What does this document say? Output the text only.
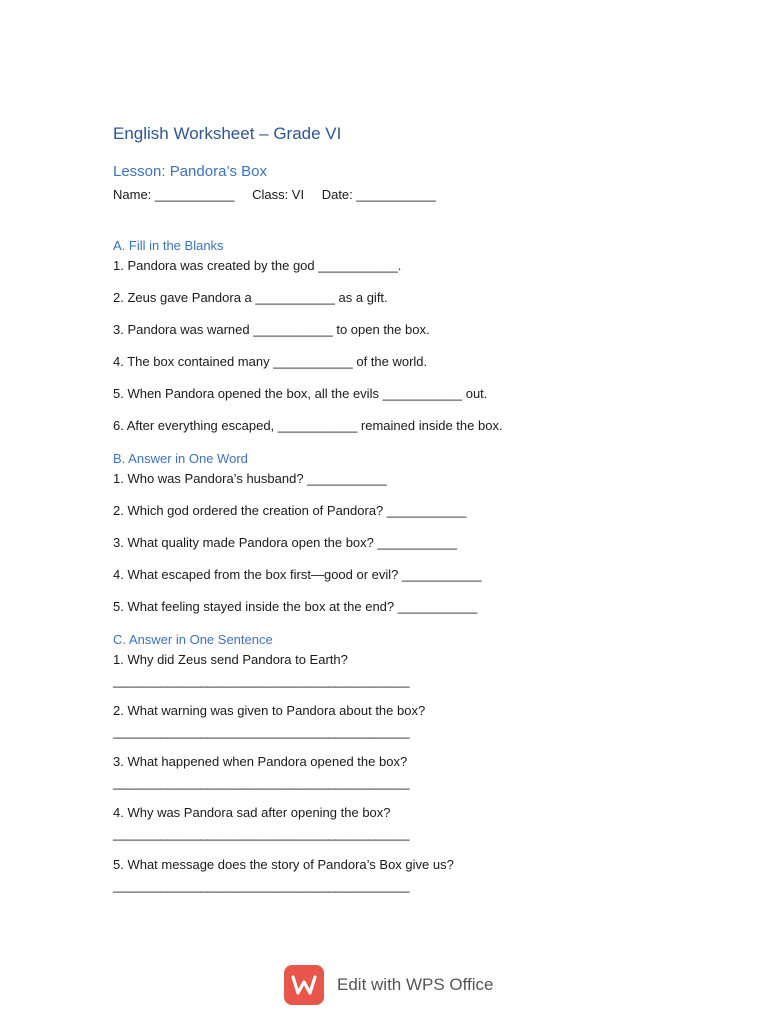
English Worksheet – Grade VI
Lesson: Pandora’s Box
Name: ___________ Class: VI Date: ___________
A. Fill in the Blanks
1. Pandora was created by the god ___________.
2. Zeus gave Pandora a ___________ as a gift.
3. Pandora was warned ___________ to open the box.
4. The box contained many ___________ of the world.
5. When Pandora opened the box, all the evils ___________ out.
6. After everything escaped, ___________ remained inside the box.
B. Answer in One Word
1. Who was Pandora’s husband? ___________
2. Which god ordered the creation of Pandora? ___________
3. What quality made Pandora open the box? ___________
4. What escaped from the box first—good or evil? ___________
5. What feeling stayed inside the box at the end? ___________
C. Answer in One Sentence
1. Why did Zeus send Pandora to Earth?
____________________________________________
2. What warning was given to Pandora about the box?
____________________________________________
3. What happened when Pandora opened the box?
____________________________________________
4. Why was Pandora sad after opening the box?
____________________________________________
5. What message does the story of Pandora’s Box give us?
____________________________________________
Edit with WPS Office
